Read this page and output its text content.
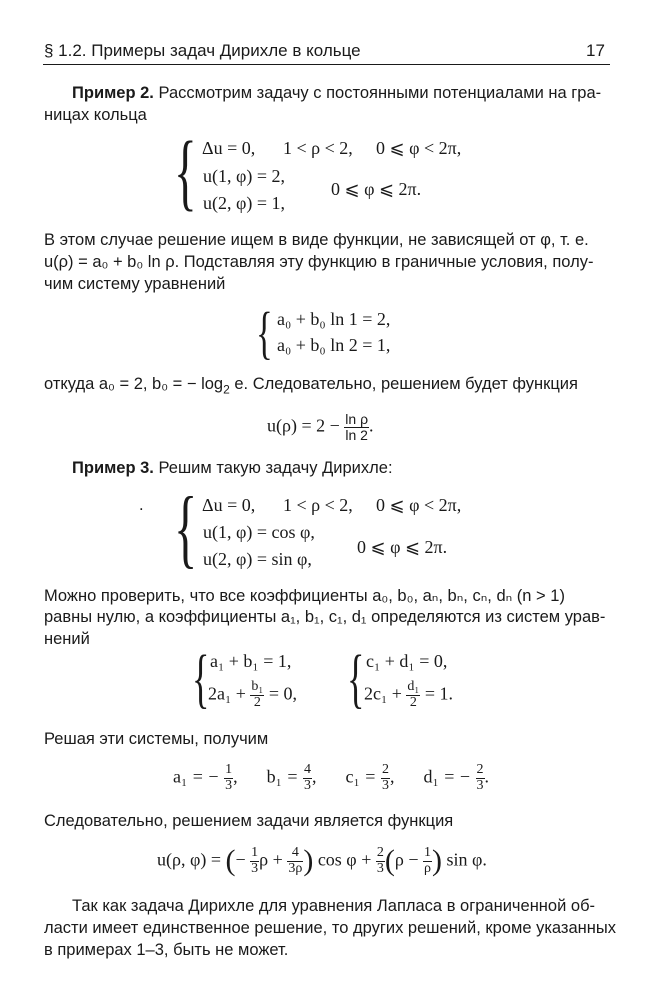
§ 1.2. Примеры задач Дирихле в кольце	17
Пример 2. Рассмотрим задачу с постоянными потенциалами на гра-
ницах кольца
{ Δu = 0, 1 < ρ < 2, 0 ⩽ φ < 2π,
u(1, φ) = 2,
u(2, φ) = 1,
0 ⩽ φ ⩽ 2π.
В этом случае решение ищем в виде функции, не зависящей от φ, т. е.
u(ρ) = a₀ + b₀ ln ρ. Подставляя эту функцию в граничные условия, полу-
чим систему уравнений
{ a₀ + b₀ ln 1 = 2,
a₀ + b₀ ln 2 = 1,
откуда a₀ = 2, b₀ = − $\log_2 e$. Следовательно, решением будет функция
$u(\rho) = 2 - \frac{\text{ln ρ}}{\ln 2}$ .
Пример 3. Решим такую задачу Дирихле:
. { Δu = 0, 1 < ρ < 2, 0 ⩽ φ < 2π,
u(1, φ) = cos φ,
u(2, φ) = sin φ,
0 ⩽ φ ⩽ 2π.
Можно проверить, что все коэффициенты a₀, b₀, aₙ, bₙ, cₙ, dₙ (n > 1)
равны нулю, а коэффициенты a₁, b₁, c₁, d₁ определяются из систем урав-
нений
{ a₁ + b₁ = 1,
$2a_1 + \frac{\text{b₁}}{2} = 0$, { c₁ + d₁ = 0,
$2c_1 + \frac{\text{d₁}}{2} = 1$.
Решая эти системы, получим
a₁ = − $\frac{1}{3}$ , $b_1 = \frac{4}{3}$ , $c_1 = \frac{2}{3}$ , d₁ = − $\frac{2}{3}$ .
Следовательно, решением задачи является функция
u(ρ, φ) = (− $\frac{1}{3}$ $\rho + \frac{4}{3\rho}$ ) $\cos \varphi + \frac{2}{3} (\rho - \frac{1}{\rho}$ ) sin φ.
Так как задача Дирихле для уравнения Лапласа в ограниченной об-
ласти имеет единственное решение, то других решений, кроме указанных
в примерах 1–3, быть не может.
